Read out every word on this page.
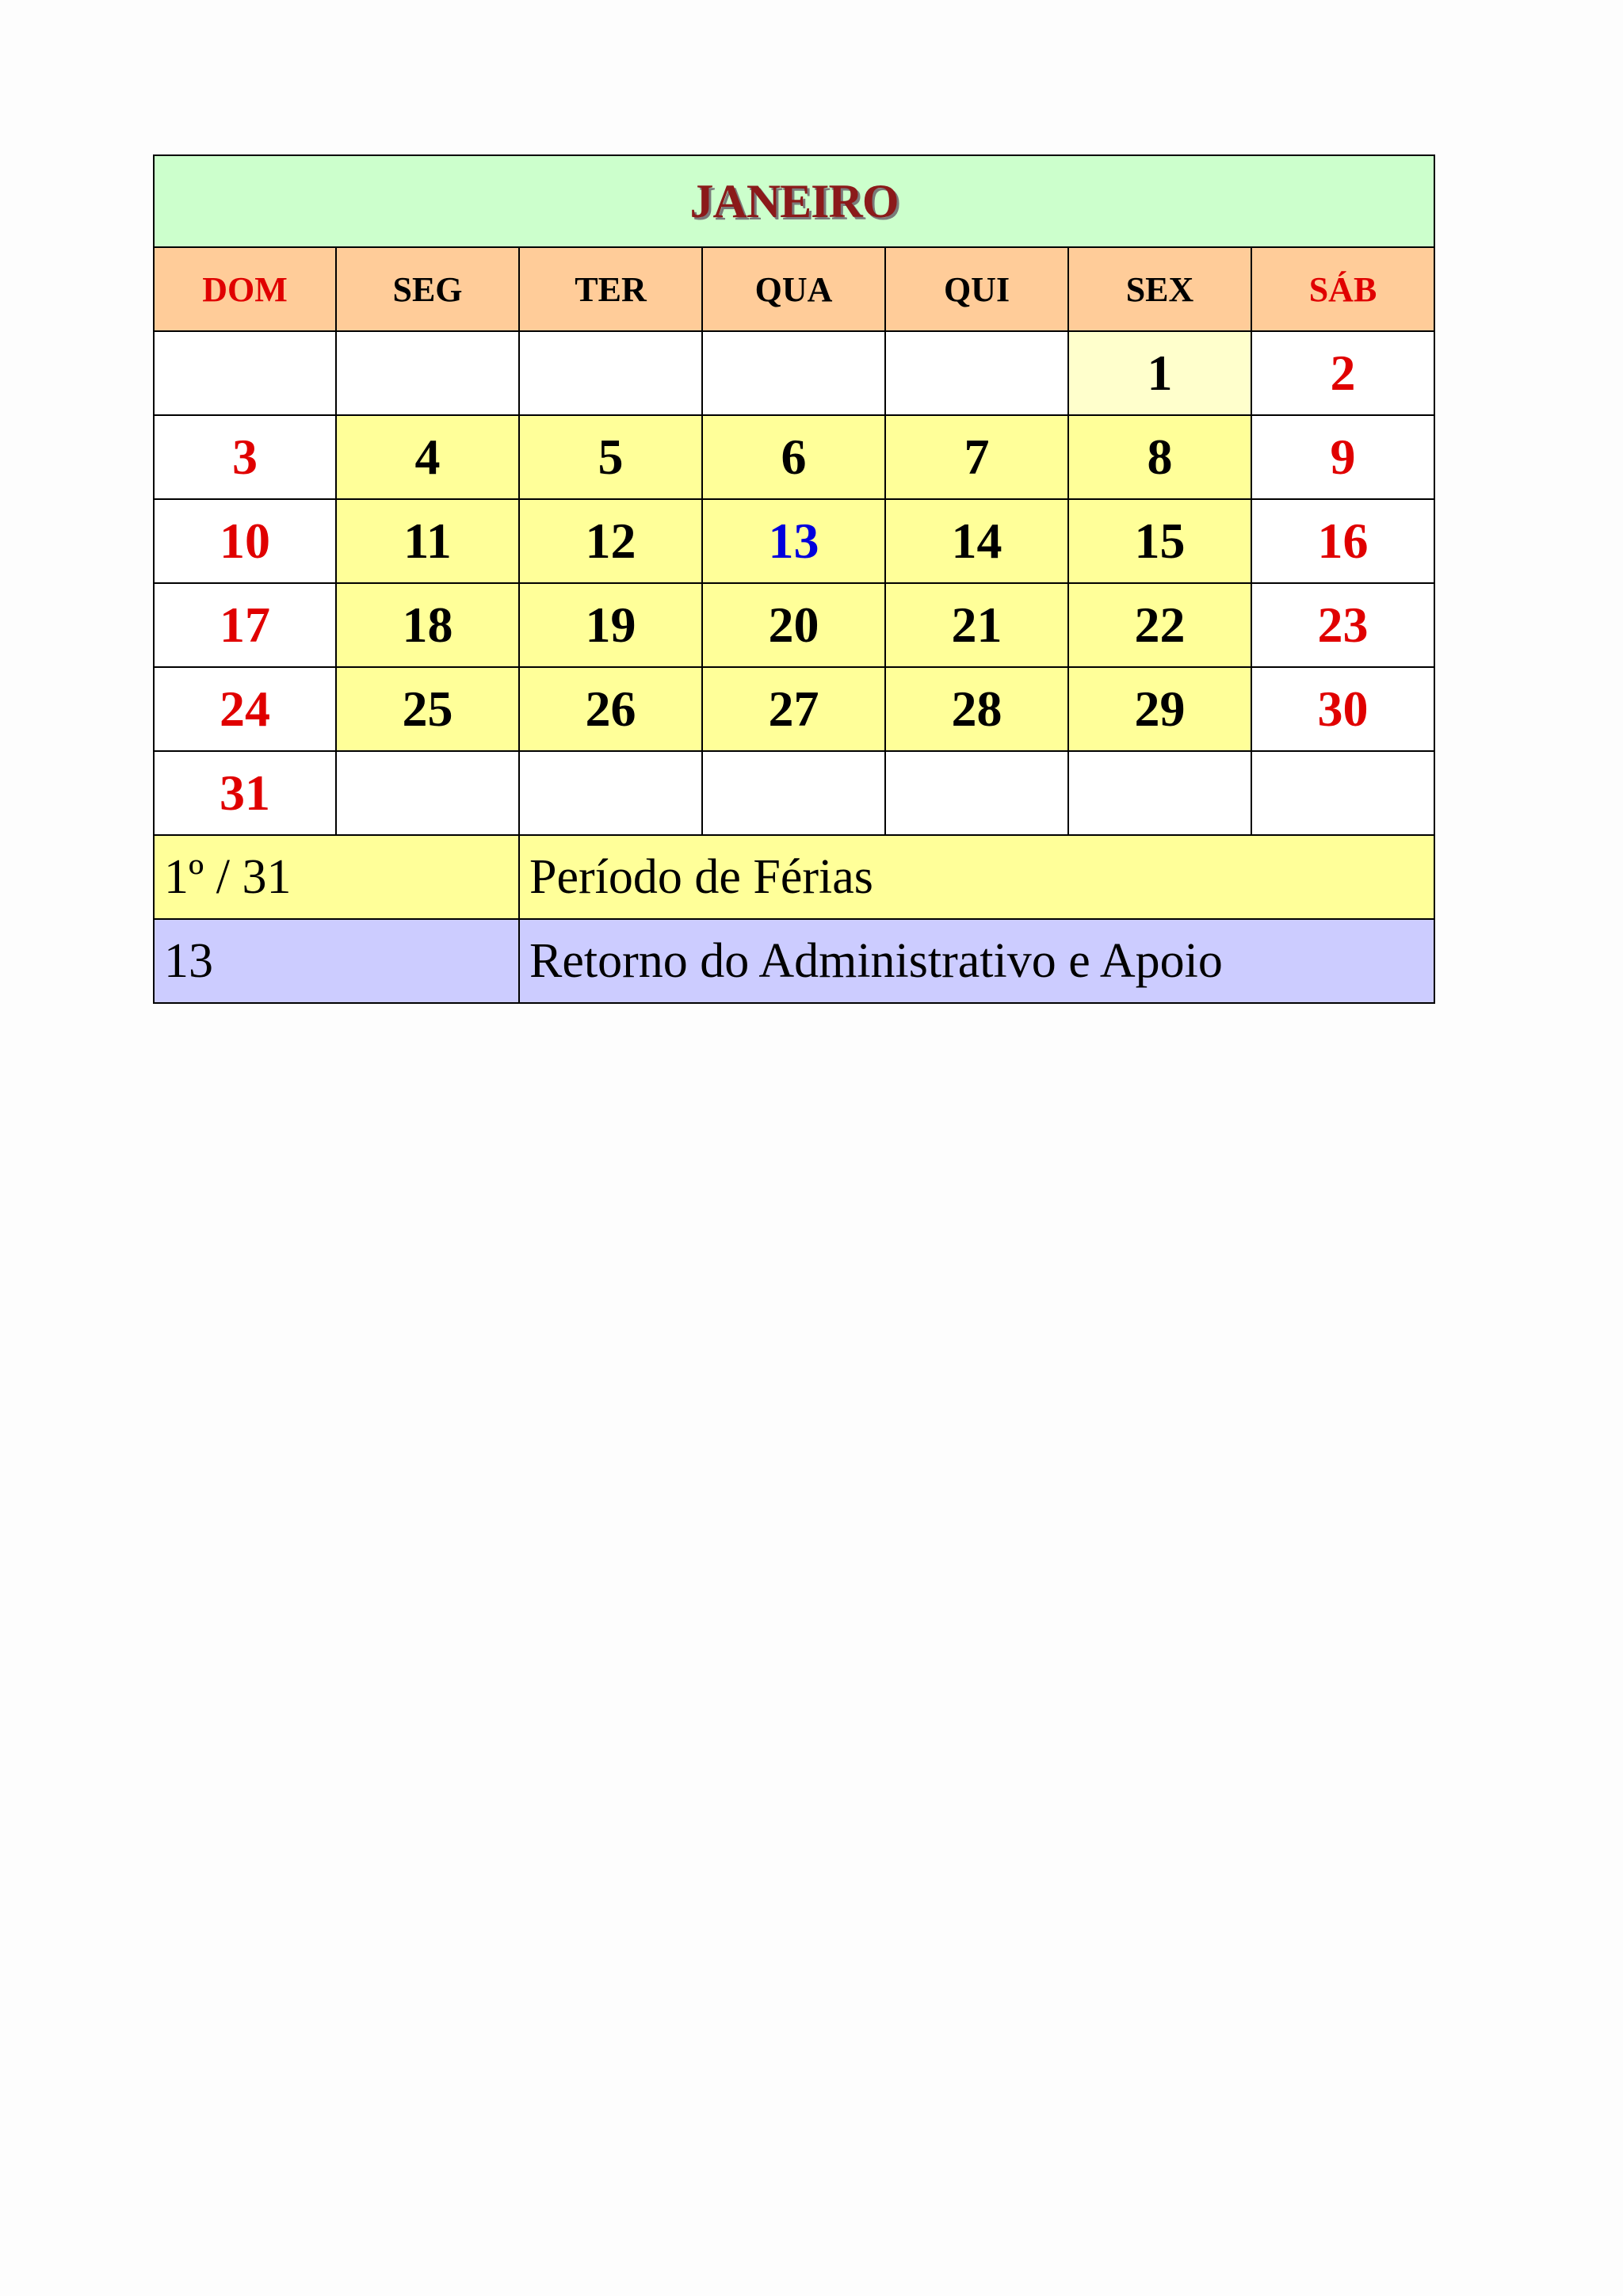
JANEIRO						
DOM	SEG	TER	QUA	QUI	SEX	SÁB
					1	2
3	4	5	6	7	8	9
10	11	12	13	14	15	16
17	18	19	20	21	22	23
24	25	26	27	28	29	30
31						
1º / 31		Período de Férias				
13		Retorno do Administrativo e Apoio				
